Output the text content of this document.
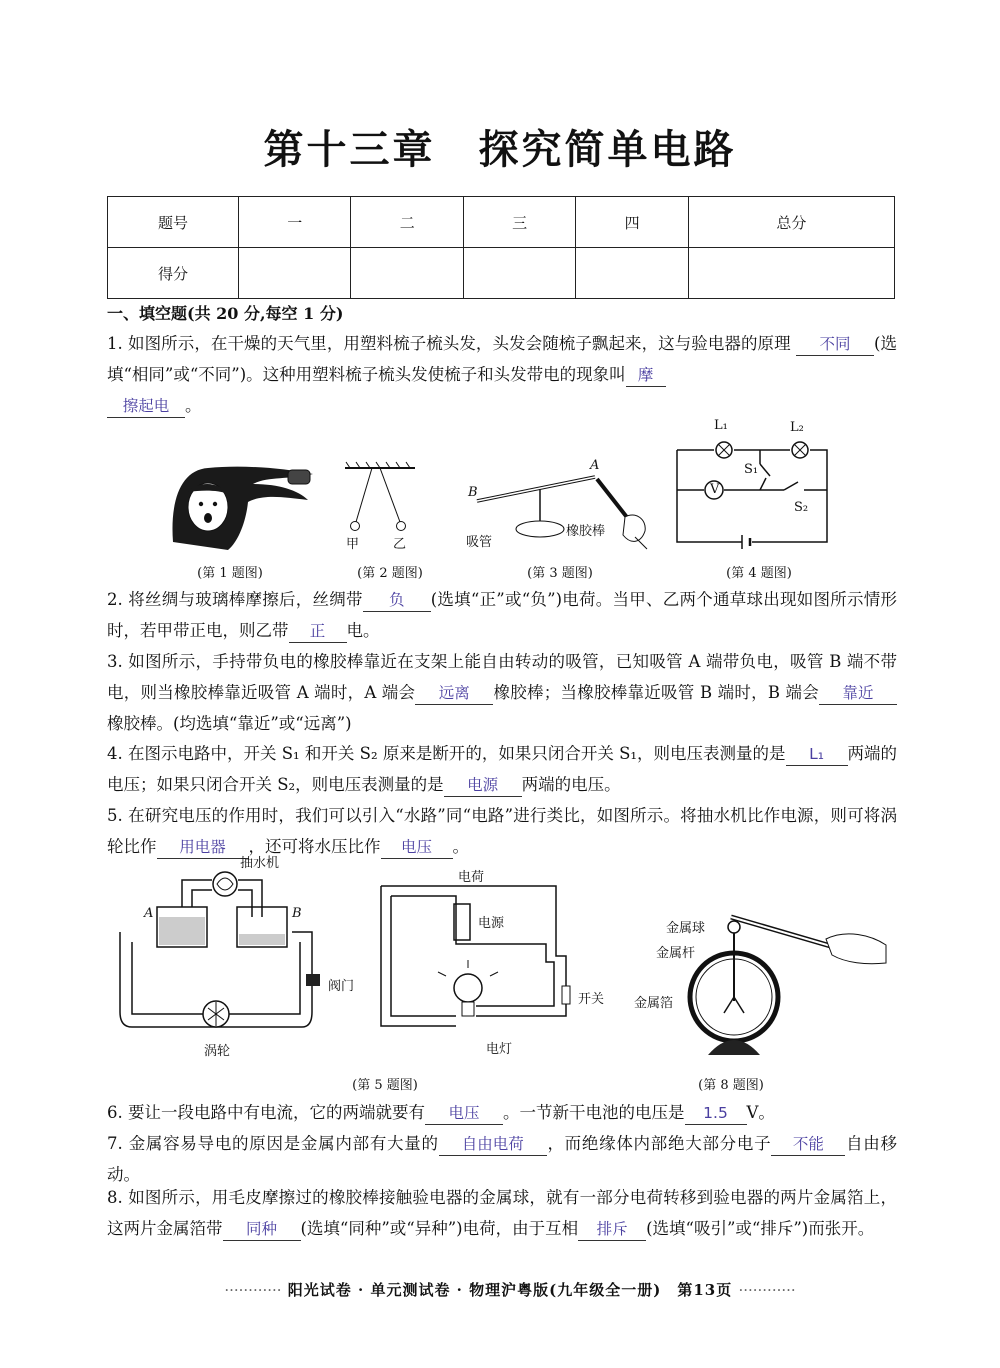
第十三章　探究简单电路
题号	一	二	三	四	总分
得分					
一、填空题(共 20 分,每空 1 分)
1. 如图所示，在干燥的天气里，用塑料梳子梳头发，头发会随梳子飘起来，这与验电器的原理 不同 (选填“相同”或“不同”)。这种用塑料梳子梳头发使梳子和头发带电的现象叫 摩
擦起电 。
(第 1 题图)
甲	乙
(第 2 题图)
B
A
吸管
橡胶棒
(第 3 题图)
L₁	L₂
S₁
V
S₂
(第 4 题图)
2. 将丝绸与玻璃棒摩擦后，丝绸带 负 (选填“正”或“负”)电荷。当甲、乙两个通草球出现如图所示情形时，若甲带正电，则乙带 正 电。
3. 如图所示，手持带负电的橡胶棒靠近在支架上能自由转动的吸管，已知吸管 A 端带负电，吸管 B 端不带电，则当橡胶棒靠近吸管 A 端时，A 端会 远离 橡胶棒；当橡胶棒靠近吸管 B 端时，B 端会 靠近橡胶棒。(均选填“靠近”或“远离”)
4. 在图示电路中，开关 S₁ 和开关 S₂ 原来是断开的，如果只闭合开关 S₁，则电压表测量的是 L₁ 两端的电压；如果只闭合开关 S₂，则电压表测量的是 电源 两端的电压。
5. 在研究电压的作用时，我们可以引入“水路”同“电路”进行类比，如图所示。将抽水机比作电源，则可将涡轮比作 用电器 ，还可将水压比作 电压 。
抽水机
A	B
阀门
涡轮
电荷
电源
开关
电灯
(第 5 题图)
金属球
金属杆
金属箔
(第 8 题图)
6. 要让一段电路中有电流，它的两端就要有 电压 。一节新干电池的电压是 1.5 V。
7. 金属容易导电的原因是金属内部有大量的 自由电荷 ，而绝缘体内部绝大部分电子 不能 自由移动。
8. 如图所示，用毛皮摩擦过的橡胶棒接触验电器的金属球，就有一部分电荷转移到验电器的两片金属箔上，这两片金属箔带 同种 (选填“同种”或“异种”)电荷，由于互相 排斥 (选填“吸引”或“排斥”)而张开。
············ 阳光试卷 · 单元测试卷 · 物理沪粤版(九年级全一册)　第13页 ············
